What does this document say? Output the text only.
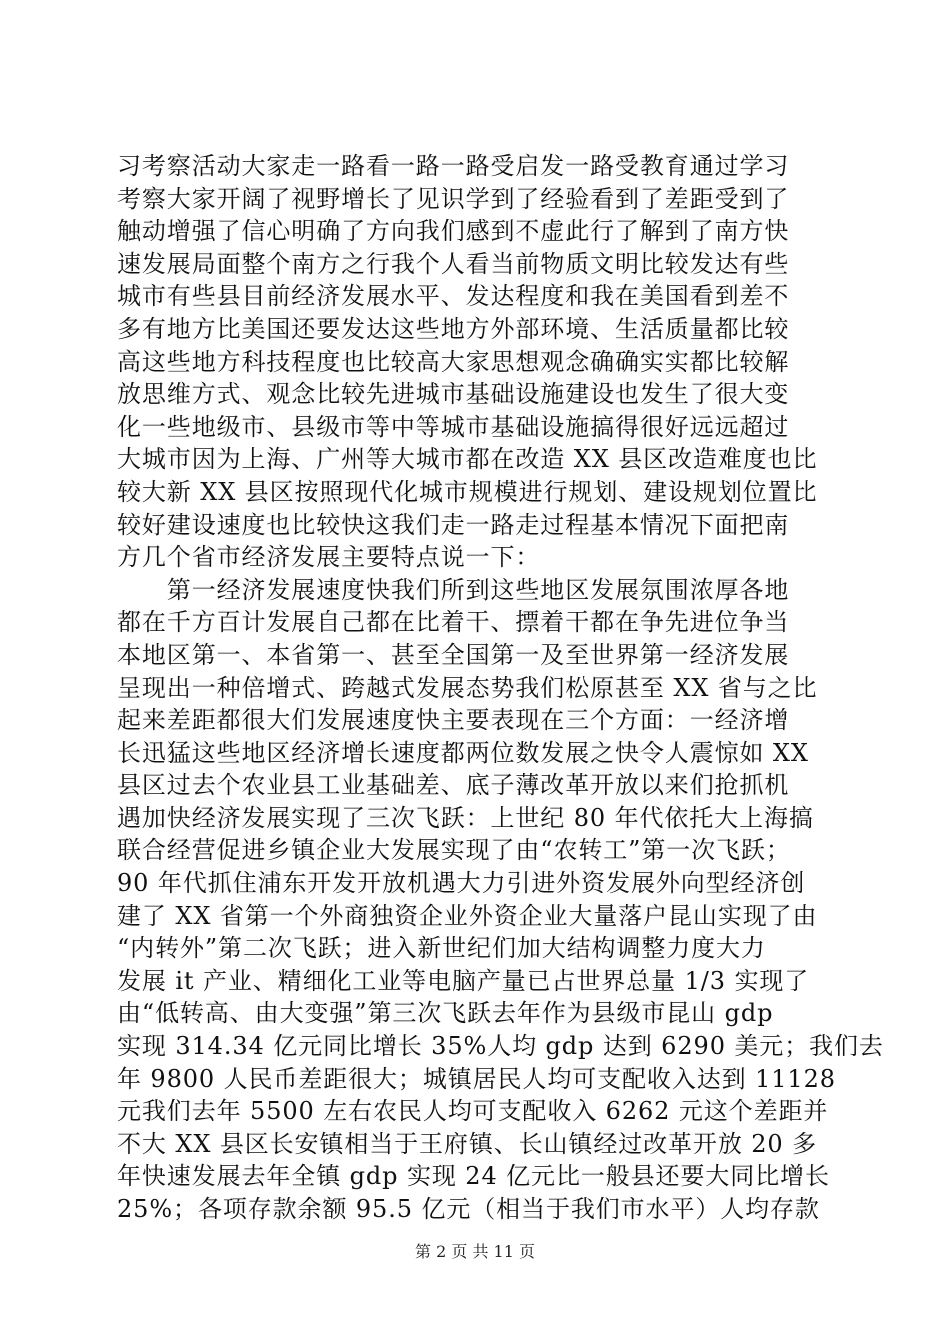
习考察活动大家走一路看一路一路受启发一路受教育通过学习
考察大家开阔了视野增长了见识学到了经验看到了差距受到了
触动增强了信心明确了方向我们感到不虚此行了解到了南方快
速发展局面整个南方之行我个人看当前物质文明比较发达有些
城市有些县目前经济发展水平、发达程度和我在美国看到差不
多有地方比美国还要发达这些地方外部环境、生活质量都比较
高这些地方科技程度也比较高大家思想观念确确实实都比较解
放思维方式、观念比较先进城市基础设施建设也发生了很大变
化一些地级市、县级市等中等城市基础设施搞得很好远远超过
大城市因为上海、广州等大城市都在改造 XX 县区改造难度也比
较大新 XX 县区按照现代化城市规模进行规划、建设规划位置比
较好建设速度也比较快这我们走一路走过程基本情况下面把南
方几个省市经济发展主要特点说一下：
　　第一经济发展速度快我们所到这些地区发展氛围浓厚各地
都在千方百计发展自己都在比着干、摽着干都在争先进位争当
本地区第一、本省第一、甚至全国第一及至世界第一经济发展
呈现出一种倍增式、跨越式发展态势我们松原甚至 XX 省与之比
起来差距都很大们发展速度快主要表现在三个方面：一经济增
长迅猛这些地区经济增长速度都两位数发展之快令人震惊如 XX
县区过去个农业县工业基础差、底子薄改革开放以来们抢抓机
遇加快经济发展实现了三次飞跃：上世纪 80 年代依托大上海搞
联合经营促进乡镇企业大发展实现了由“农转工”第一次飞跃；
90 年代抓住浦东开发开放机遇大力引进外资发展外向型经济创
建了 XX 省第一个外商独资企业外资企业大量落户昆山实现了由
“内转外”第二次飞跃；进入新世纪们加大结构调整力度大力
发展 it 产业、精细化工业等电脑产量已占世界总量 1/3 实现了
由“低转高、由大变强”第三次飞跃去年作为县级市昆山 gdp
实现 314.34 亿元同比增长 35%人均 gdp 达到 6290 美元；我们去
年 9800 人民币差距很大；城镇居民人均可支配收入达到 11128
元我们去年 5500 左右农民人均可支配收入 6262 元这个差距并
不大 XX 县区长安镇相当于王府镇、长山镇经过改革开放 20 多
年快速发展去年全镇 gdp 实现 24 亿元比一般县还要大同比增长
25%；各项存款余额 95.5 亿元（相当于我们市水平）人均存款
第 2 页 共 11 页
